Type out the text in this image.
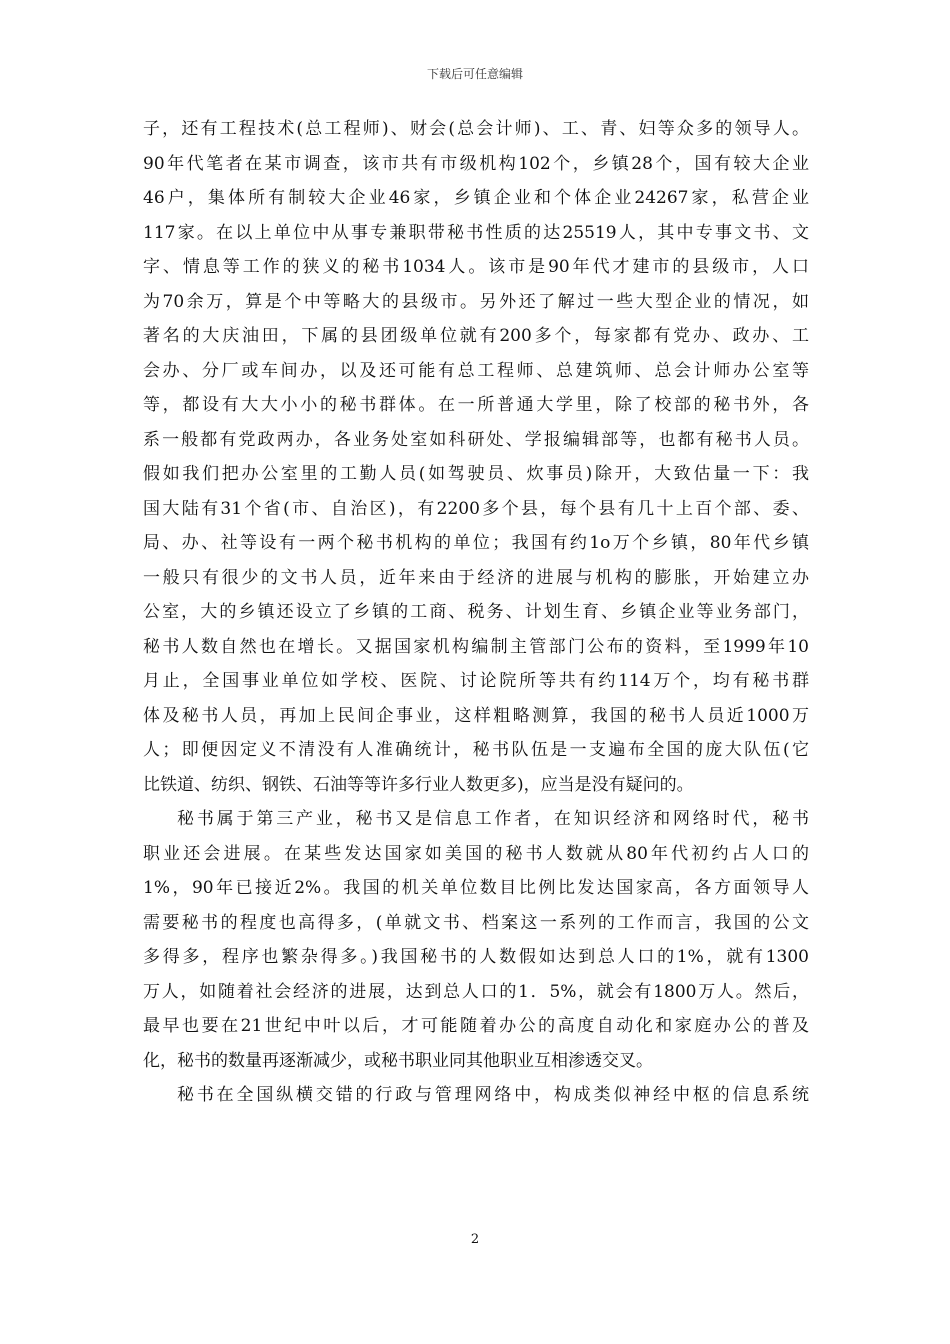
下载后可任意编辑
子，还有工程技术(总工程师)、财会(总会计师)、工、青、妇等众多的领导人。
90年代笔者在某市调查，该市共有市级机构102个，乡镇28个，国有较大企业
46户，集体所有制较大企业46家，乡镇企业和个体企业24267家，私营企业
117家。在以上单位中从事专兼职带秘书性质的达25519人，其中专事文书、文
字、情息等工作的狭义的秘书1034人。该市是90年代才建市的县级市，人口
为70余万，算是个中等略大的县级市。另外还了解过一些大型企业的情况，如
著名的大庆油田，下属的县团级单位就有200多个，每家都有党办、政办、工
会办、分厂或车间办，以及还可能有总工程师、总建筑师、总会计师办公室等
等，都设有大大小小的秘书群体。在一所普通大学里，除了校部的秘书外，各
系一般都有党政两办，各业务处室如科研处、学报编辑部等，也都有秘书人员。
假如我们把办公室里的工勤人员(如驾驶员、炊事员)除开，大致估量一下：我
国大陆有31个省(市、自治区)，有2200多个县，每个县有几十上百个部、委、
局、办、社等设有一两个秘书机构的单位；我国有约1o万个乡镇，80年代乡镇
一般只有很少的文书人员，近年来由于经济的进展与机构的膨胀，开始建立办
公室，大的乡镇还设立了乡镇的工商、税务、计划生育、乡镇企业等业务部门，
秘书人数自然也在增长。又据国家机构编制主管部门公布的资料，至1999年10
月止，全国事业单位如学校、医院、讨论院所等共有约114万个，均有秘书群
体及秘书人员，再加上民间企事业，这样粗略测算，我国的秘书人员近1000万
人；即便因定义不清没有人准确统计，秘书队伍是一支遍布全国的庞大队伍(它
比铁道、纺织、钢铁、石油等等许多行业人数更多)，应当是没有疑问的。
秘书属于第三产业，秘书又是信息工作者，在知识经济和网络时代，秘书
职业还会进展。在某些发达国家如美国的秘书人数就从80年代初约占人口的
1%，90年已接近2%。我国的机关单位数目比例比发达国家高，各方面领导人
需要秘书的程度也高得多，(单就文书、档案这一系列的工作而言，我国的公文
多得多，程序也繁杂得多。)我国秘书的人数假如达到总人口的1%，就有1300
万人，如随着社会经济的进展，达到总人口的1．5%，就会有1800万人。然后，
最早也要在21世纪中叶以后，才可能随着办公的高度自动化和家庭办公的普及
化，秘书的数量再逐渐减少，或秘书职业同其他职业互相渗透交叉。
秘书在全国纵横交错的行政与管理网络中，构成类似神经中枢的信息系统
2
